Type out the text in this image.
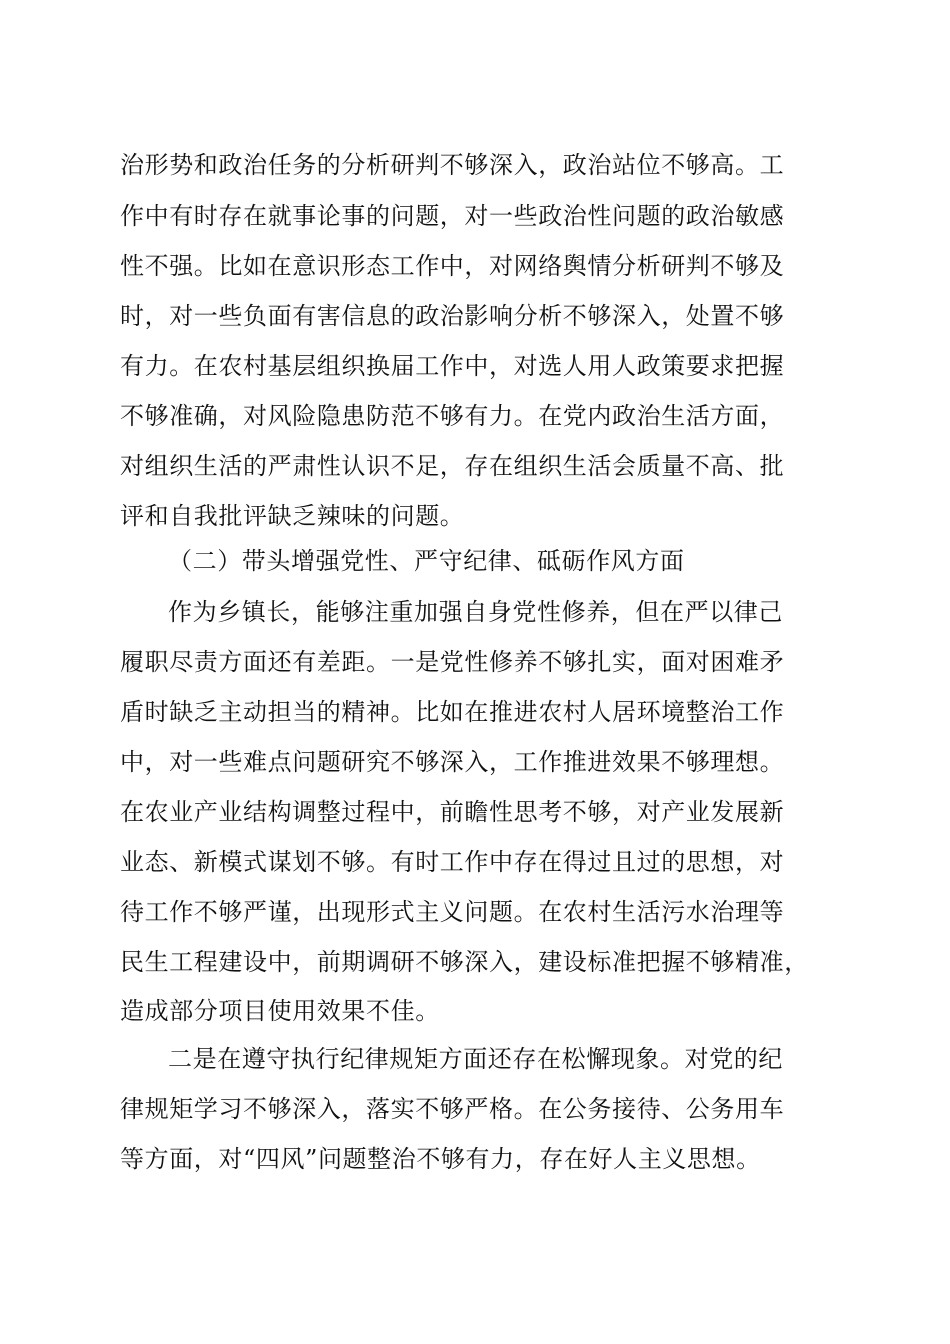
治形势和政治任务的分析研判不够深入，政治站位不够高。工
作中有时存在就事论事的问题，对一些政治性问题的政治敏感
性不强。比如在意识形态工作中，对网络舆情分析研判不够及
时，对一些负面有害信息的政治影响分析不够深入，处置不够
有力。在农村基层组织换届工作中，对选人用人政策要求把握
不够准确，对风险隐患防范不够有力。在党内政治生活方面，
对组织生活的严肃性认识不足，存在组织生活会质量不高、批
评和自我批评缺乏辣味的问题。
（二）带头增强党性、严守纪律、砥砺作风方面
作为乡镇长，能够注重加强自身党性修养，但在严以律己
履职尽责方面还有差距。一是党性修养不够扎实，面对困难矛
盾时缺乏主动担当的精神。比如在推进农村人居环境整治工作
中，对一些难点问题研究不够深入，工作推进效果不够理想。
在农业产业结构调整过程中，前瞻性思考不够，对产业发展新
业态、新模式谋划不够。有时工作中存在得过且过的思想，对
待工作不够严谨，出现形式主义问题。在农村生活污水治理等
民生工程建设中，前期调研不够深入，建设标准把握不够精准，
造成部分项目使用效果不佳。
二是在遵守执行纪律规矩方面还存在松懈现象。对党的纪
律规矩学习不够深入，落实不够严格。在公务接待、公务用车
等方面，对“四风”问题整治不够有力，存在好人主义思想。
